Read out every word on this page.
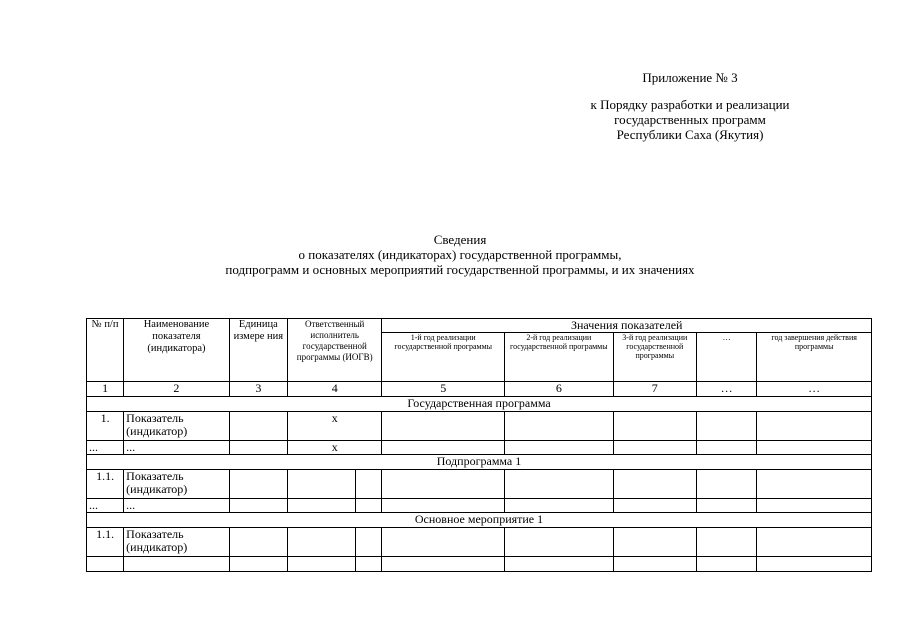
Приложение № 3
к Порядку разработки и реализации
государственных программ
Республики Саха (Якутия)
Сведения
о показателях (индикаторах) государственной программы,
подпрограмм и основных мероприятий государственной программы, и их значениях
№ п/п	Наименование показателя (индикатора)	Единица измере ния	Ответственный исполнитель государственной программы (ИОГВ)		Значения показателей				
					1-й год реализации государственной программы	2-й год реализации государственной программы	3-й год реализации государственной программы	…	год завершения действия программы
1	2	3	4		5	6	7	…	…
Государственная программа									
1.	Показатель (индикатор)		x						
...	...		x						
Подпрограмма 1									
1.1.	Показатель (индикатор)								
...	...								
Основное мероприятие 1									
1.1.	Показатель (индикатор)								
